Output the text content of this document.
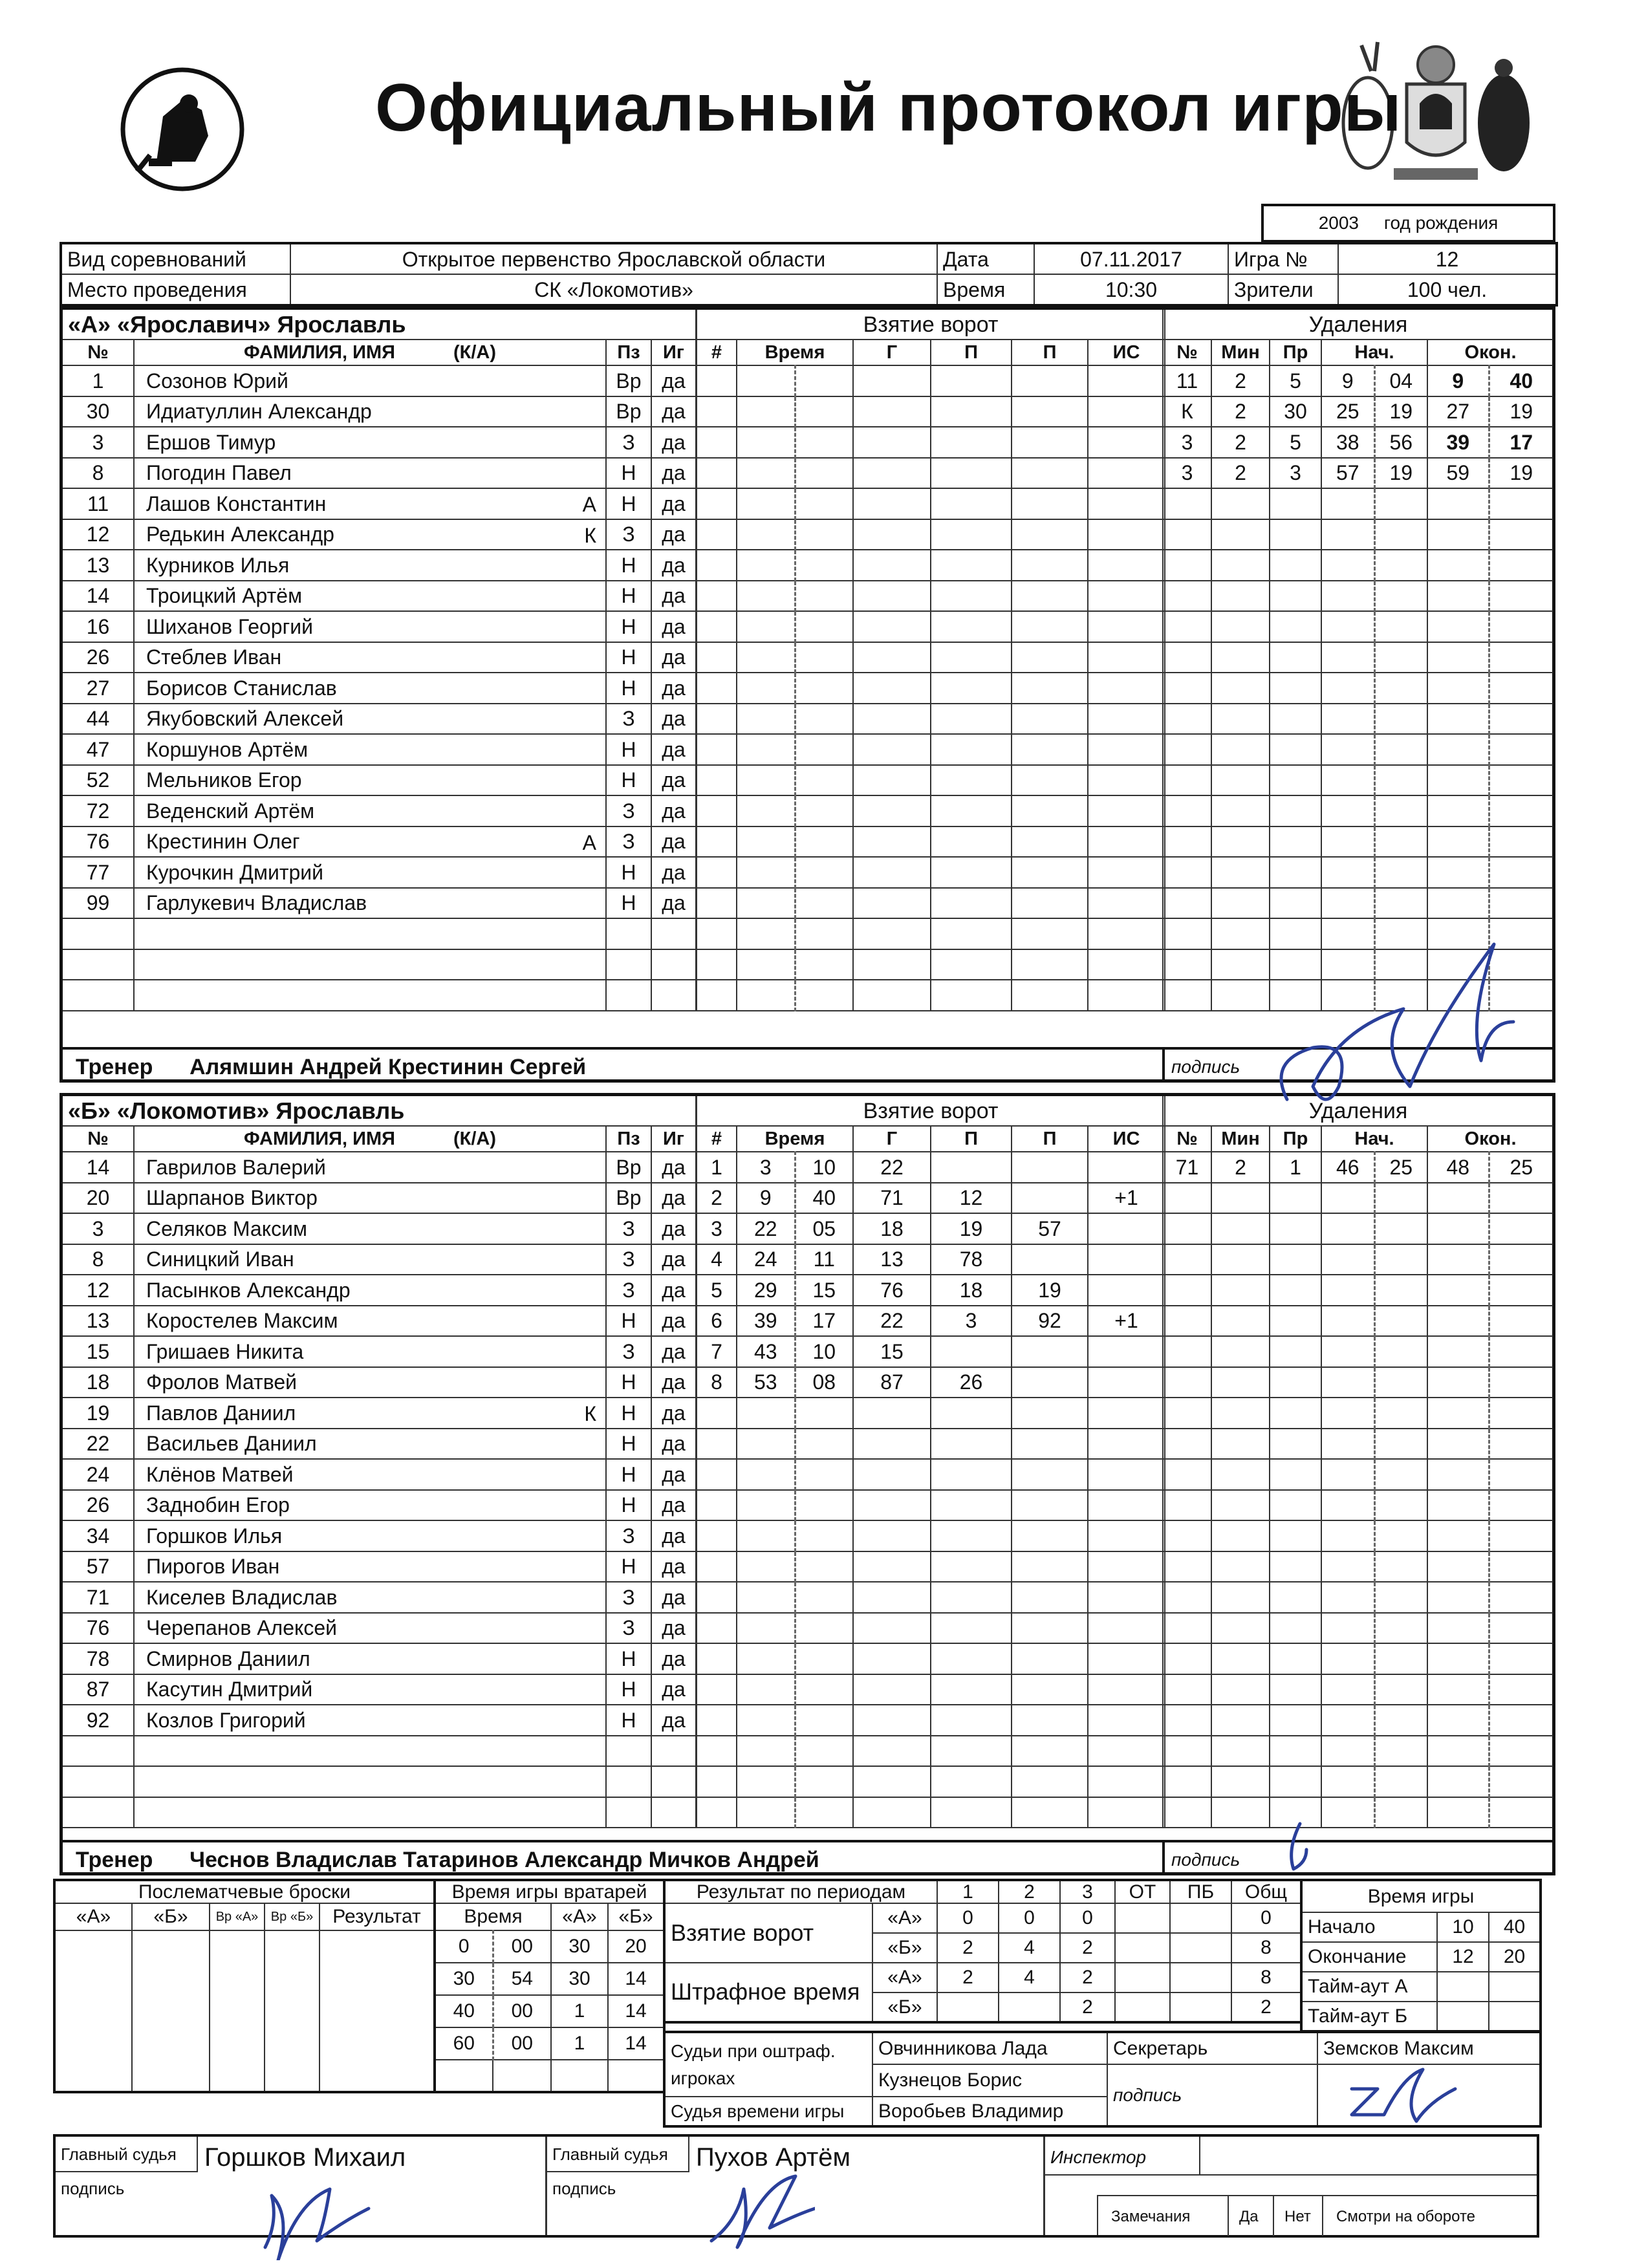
Официальный протокол игры
2003 год рождения
Вид соревнований	Открытое первенство Ярославской области	Дата	07.11.2017	Игра №	12
Место проведения	СК «Локомотив»	Время	10:30	Зрители	100 чел.
«А» «Ярославич» Ярославль			
№	ФАМИЛИЯ, ИМЯ (К/А)	Пз	Иг
1	Созонов Юрий	Вр	да
30	Идиатуллин Александр	Вр	да
3	Ершов Тимур	З	да
8	Погодин Павел	Н	да
11	Лашов Константин А	Н	да
12	Редькин Александр К	З	да
13	Курников Илья	Н	да
14	Троицкий Артём	Н	да
16	Шиханов Георгий	Н	да
26	Стеблев Иван	Н	да
27	Борисов Станислав	Н	да
44	Якубовский Алексей	З	да
47	Коршунов Артём	Н	да
52	Мельников Егор	Н	да
72	Веденский Артём	З	да
76	Крестинин Олег А	З	да
77	Курочкин Дмитрий	Н	да
99	Гарлукевич Владислав	Н	да

Взятие ворот						
#	Время		Г	П	П	ИС

Удаления						
№	Мин	Пр	Нач.		Окон.	
11	2	5	9	04	9	40
К	2	30	25	19	27	19
3	2	5	38	56	39	17
3	2	3	57	19	59	19

Тренер Алямшин Андрей Крестинин Сергей	подпись
«Б» «Локомотив» Ярославль			
№	ФАМИЛИЯ, ИМЯ (К/А)	Пз	Иг
14	Гаврилов Валерий	Вр	да
20	Шарпанов Виктор	Вр	да
3	Селяков Максим	З	да
8	Синицкий Иван	З	да
12	Пасынков Александр	З	да
13	Коростелев Максим	Н	да
15	Гришаев Никита	З	да
18	Фролов Матвей	Н	да
19	Павлов Даниил К	Н	да
22	Васильев Даниил	Н	да
24	Клёнов Матвей	Н	да
26	Заднобин Егор	Н	да
34	Горшков Илья	З	да
57	Пирогов Иван	Н	да
71	Киселев Владислав	З	да
76	Черепанов Алексей	З	да
78	Смирнов Даниил	Н	да
87	Касутин Дмитрий	Н	да
92	Козлов Григорий	Н	да

Взятие ворот						
#	Время		Г	П	П	ИС
1	3	10	22			
2	9	40	71	12		+1
3	22	05	18	19	57	
4	24	11	13	78		
5	29	15	76	18	19	
6	39	17	22	3	92	+1
7	43	10	15			
8	53	08	87	26		

Удаления						
№	Мин	Пр	Нач.		Окон.	
71	2	1	46	25	48	25

Тренер Чеснов Владислав Татаринов Александр Мичков Андрей	подпись
Послематчевые броски				
«А»	«Б»	Вр «А»	Вр «Б»	Результат

Время игры вратарей			
Время		«А»	«Б»
0	00	30	20
30	54	30	14
40	00	1	14
60	00	1	14

Результат по периодам		1	2	3	ОТ	ПБ	Общ
Взятие ворот	«А»	0	0	0			0
	«Б»	2	4	2			8
Штрафное время	«А»	2	4	2			8
	«Б»			2			2
Время игры		
Начало	10	40
Окончание	12	20
Тайм-аут А		
Тайм-аут Б		
Судьи при оштраф. игроках	Овчинникова Лада	Секретарь	Земсков Максим
	Кузнецов Борис	подпись	
Судья времени игры	Воробьев Владимир		
Главный судья	Горшков Михаил
подпись
Главный судья	Пухов Артём
подпись
Инспектор
Замечания	Да Нет Смотри на обороте
